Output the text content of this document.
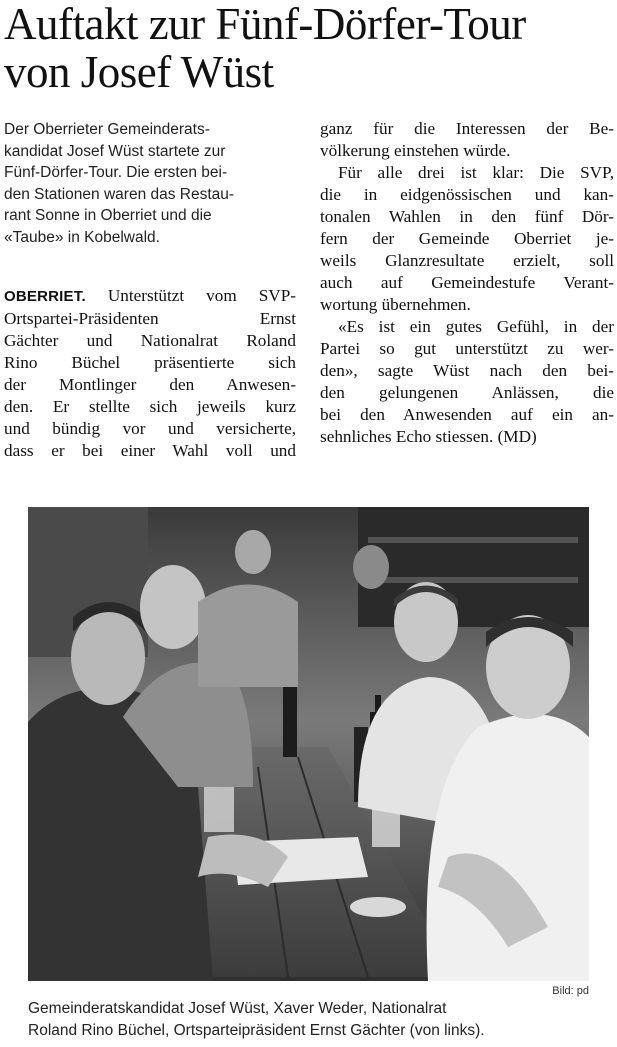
Auftakt zur Fünf-Dörfer-Tour
von Josef Wüst
Der Oberrieter Gemeinderats-
kandidat Josef Wüst startete zur
Fünf-Dörfer-Tour. Die ersten bei-
den Stationen waren das Restau-
rant Sonne in Oberriet und die
«Taube» in Kobelwald.
OBERRIET. Unterstützt vom SVP-
Ortspartei-Präsidenten Ernst
Gächter und Nationalrat Roland
Rino Büchel präsentierte sich
der Montlinger den Anwesen-
den. Er stellte sich jeweils kurz
und bündig vor und versicherte,
dass er bei einer Wahl voll und
ganz für die Interessen der Be-
völkerung einstehen würde.
Für alle drei ist klar: Die SVP,
die in eidgenössischen und kan-
tonalen Wahlen in den fünf Dör-
fern der Gemeinde Oberriet je-
weils Glanzresultate erzielt, soll
auch auf Gemeindestufe Verant-
wortung übernehmen.
«Es ist ein gutes Gefühl, in der
Partei so gut unterstützt zu wer-
den», sagte Wüst nach den bei-
den gelungenen Anlässen, die
bei den Anwesenden auf ein an-
sehnliches Echo stiessen. (MD)
Bild: pd
Gemeinderatskandidat Josef Wüst, Xaver Weder, Nationalrat
Roland Rino Büchel, Ortsparteipräsident Ernst Gächter (von links).
